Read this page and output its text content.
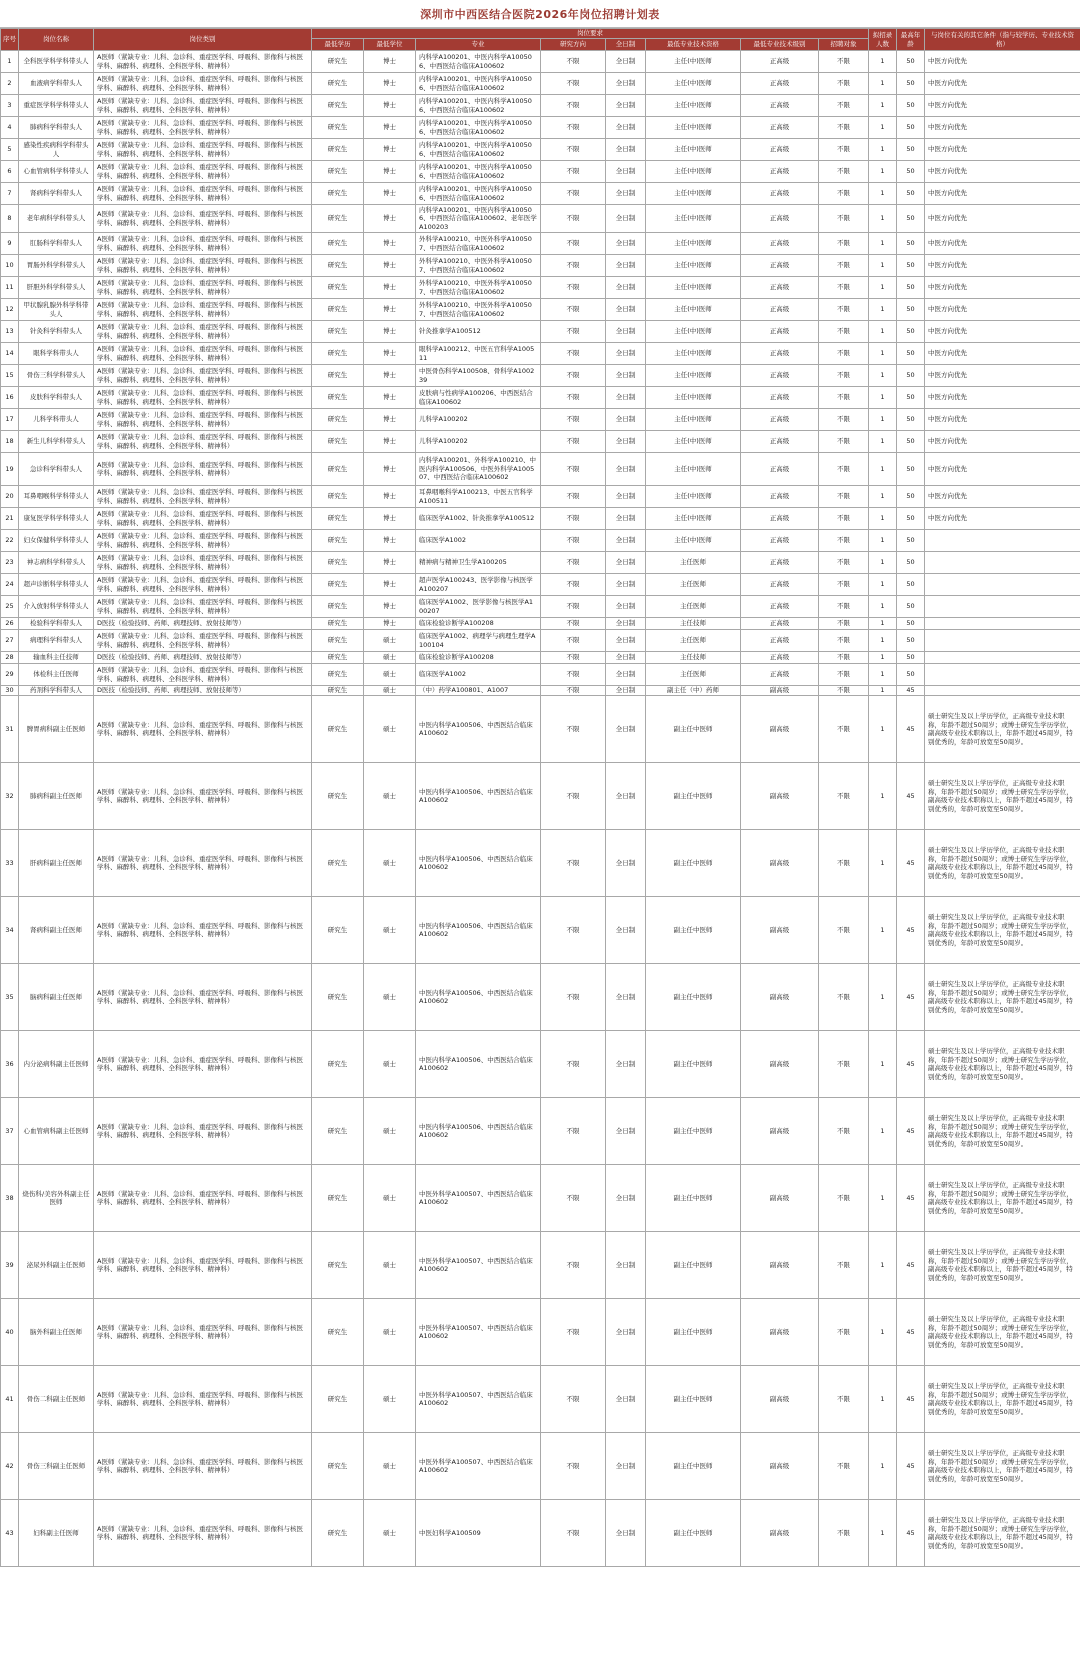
深圳市中西医结合医院2026年岗位招聘计划表
序号	岗位名称	岗位类别	岗位要求								拟招录人数	最高年龄	与岗位有关的其它条件（指与较学历、专业技术资格）
			最低学历	最低学位	专业	研究方向	全日制	最低专业技术资格	最低专业技术级别	招聘对象			
1	全科医学科学科带头人	A医师（紧缺专业：儿科、急诊科、重症医学科、呼吸科、影像科与核医学科、麻醉科、病理科、全科医学科、精神科）	研究生	博士	内科学A100201、中医内科学A100506、中西医结合临床A100602	不限	全日制	主任(中)医师	正高级	不限	1	50	中医方向优先
2	血液病学科带头人	A医师（紧缺专业：儿科、急诊科、重症医学科、呼吸科、影像科与核医学科、麻醉科、病理科、全科医学科、精神科）	研究生	博士	内科学A100201、中医内科学A100506、中西医结合临床A100602	不限	全日制	主任(中)医师	正高级	不限	1	50	中医方向优先
3	重症医学科学科带头人	A医师（紧缺专业：儿科、急诊科、重症医学科、呼吸科、影像科与核医学科、麻醉科、病理科、全科医学科、精神科）	研究生	博士	内科学A100201、中医内科学A100506、中西医结合临床A100602	不限	全日制	主任(中)医师	正高级	不限	1	50	中医方向优先
4	肺病科学科带头人	A医师（紧缺专业：儿科、急诊科、重症医学科、呼吸科、影像科与核医学科、麻醉科、病理科、全科医学科、精神科）	研究生	博士	内科学A100201、中医内科学A100506、中西医结合临床A100602	不限	全日制	主任(中)医师	正高级	不限	1	50	中医方向优先
5	感染性疾病科学科带头人	A医师（紧缺专业：儿科、急诊科、重症医学科、呼吸科、影像科与核医学科、麻醉科、病理科、全科医学科、精神科）	研究生	博士	内科学A100201、中医内科学A100506、中西医结合临床A100602	不限	全日制	主任(中)医师	正高级	不限	1	50	中医方向优先
6	心血管病科学科带头人	A医师（紧缺专业：儿科、急诊科、重症医学科、呼吸科、影像科与核医学科、麻醉科、病理科、全科医学科、精神科）	研究生	博士	内科学A100201、中医内科学A100506、中西医结合临床A100602	不限	全日制	主任(中)医师	正高级	不限	1	50	中医方向优先
7	肾病科学科带头人	A医师（紧缺专业：儿科、急诊科、重症医学科、呼吸科、影像科与核医学科、麻醉科、病理科、全科医学科、精神科）	研究生	博士	内科学A100201、中医内科学A100506、中西医结合临床A100602	不限	全日制	主任(中)医师	正高级	不限	1	50	中医方向优先
8	老年病科学科带头人	A医师（紧缺专业：儿科、急诊科、重症医学科、呼吸科、影像科与核医学科、麻醉科、病理科、全科医学科、精神科）	研究生	博士	内科学A100201、中医内科学A100506、中西医结合临床A100602、老年医学A100203	不限	全日制	主任(中)医师	正高级	不限	1	50	中医方向优先
9	肛肠科学科带头人	A医师（紧缺专业：儿科、急诊科、重症医学科、呼吸科、影像科与核医学科、麻醉科、病理科、全科医学科、精神科）	研究生	博士	外科学A100210、中医外科学A100507、中西医结合临床A100602	不限	全日制	主任(中)医师	正高级	不限	1	50	中医方向优先
10	胃肠外科学科带头人	A医师（紧缺专业：儿科、急诊科、重症医学科、呼吸科、影像科与核医学科、麻醉科、病理科、全科医学科、精神科）	研究生	博士	外科学A100210、中医外科学A100507、中西医结合临床A100602	不限	全日制	主任(中)医师	正高级	不限	1	50	中医方向优先
11	肝胆外科学科带头人	A医师（紧缺专业：儿科、急诊科、重症医学科、呼吸科、影像科与核医学科、麻醉科、病理科、全科医学科、精神科）	研究生	博士	外科学A100210、中医外科学A100507、中西医结合临床A100602	不限	全日制	主任(中)医师	正高级	不限	1	50	中医方向优先
12	甲状腺乳腺外科学科带头人	A医师（紧缺专业：儿科、急诊科、重症医学科、呼吸科、影像科与核医学科、麻醉科、病理科、全科医学科、精神科）	研究生	博士	外科学A100210、中医外科学A100507、中西医结合临床A100602	不限	全日制	主任(中)医师	正高级	不限	1	50	中医方向优先
13	针灸科学科带头人	A医师（紧缺专业：儿科、急诊科、重症医学科、呼吸科、影像科与核医学科、麻醉科、病理科、全科医学科、精神科）	研究生	博士	针灸推拿学A100512	不限	全日制	主任(中)医师	正高级	不限	1	50	中医方向优先
14	眼科学科带头人	A医师（紧缺专业：儿科、急诊科、重症医学科、呼吸科、影像科与核医学科、麻醉科、病理科、全科医学科、精神科）	研究生	博士	眼科学A100212、中医五官科学A100511	不限	全日制	主任(中)医师	正高级	不限	1	50	中医方向优先
15	骨伤三科学科带头人	A医师（紧缺专业：儿科、急诊科、重症医学科、呼吸科、影像科与核医学科、麻醉科、病理科、全科医学科、精神科）	研究生	博士	中医骨伤科学A100508、骨科学A100239	不限	全日制	主任(中)医师	正高级	不限	1	50	中医方向优先
16	皮肤科学科带头人	A医师（紧缺专业：儿科、急诊科、重症医学科、呼吸科、影像科与核医学科、麻醉科、病理科、全科医学科、精神科）	研究生	博士	皮肤病与性病学A100206、中西医结合临床A100602	不限	全日制	主任(中)医师	正高级	不限	1	50	中医方向优先
17	儿科学科带头人	A医师（紧缺专业：儿科、急诊科、重症医学科、呼吸科、影像科与核医学科、麻醉科、病理科、全科医学科、精神科）	研究生	博士	儿科学A100202	不限	全日制	主任(中)医师	正高级	不限	1	50	中医方向优先
18	新生儿科学科带头人	A医师（紧缺专业：儿科、急诊科、重症医学科、呼吸科、影像科与核医学科、麻醉科、病理科、全科医学科、精神科）	研究生	博士	儿科学A100202	不限	全日制	主任(中)医师	正高级	不限	1	50	中医方向优先
19	急诊科学科带头人	A医师（紧缺专业：儿科、急诊科、重症医学科、呼吸科、影像科与核医学科、麻醉科、病理科、全科医学科、精神科）	研究生	博士	内科学A100201、外科学A100210、中医内科学A100506、中医外科学A100507、中西医结合临床A100602	不限	全日制	主任(中)医师	正高级	不限	1	50	中医方向优先
20	耳鼻咽喉科学科带头人	A医师（紧缺专业：儿科、急诊科、重症医学科、呼吸科、影像科与核医学科、麻醉科、病理科、全科医学科、精神科）	研究生	博士	耳鼻咽喉科学A100213、中医五官科学A100511	不限	全日制	主任(中)医师	正高级	不限	1	50	中医方向优先
21	康复医学科学科带头人	A医师（紧缺专业：儿科、急诊科、重症医学科、呼吸科、影像科与核医学科、麻醉科、病理科、全科医学科、精神科）	研究生	博士	临床医学A1002、针灸推拿学A100512	不限	全日制	主任(中)医师	正高级	不限	1	50	中医方向优先
22	妇女保健科学科带头人	A医师（紧缺专业：儿科、急诊科、重症医学科、呼吸科、影像科与核医学科、麻醉科、病理科、全科医学科、精神科）	研究生	博士	临床医学A1002	不限	全日制	主任(中)医师	正高级	不限	1	50	
23	神志病科学科带头人	A医师（紧缺专业：儿科、急诊科、重症医学科、呼吸科、影像科与核医学科、麻醉科、病理科、全科医学科、精神科）	研究生	博士	精神病与精神卫生学A100205	不限	全日制	主任医师	正高级	不限	1	50	
24	超声诊断科学科带头人	A医师（紧缺专业：儿科、急诊科、重症医学科、呼吸科、影像科与核医学科、麻醉科、病理科、全科医学科、精神科）	研究生	博士	超声医学A100243、医学影像与核医学A100207	不限	全日制	主任医师	正高级	不限	1	50	
25	介入放射科学科带头人	A医师（紧缺专业：儿科、急诊科、重症医学科、呼吸科、影像科与核医学科、麻醉科、病理科、全科医学科、精神科）	研究生	博士	临床医学A1002、医学影像与核医学A100207	不限	全日制	主任医师	正高级	不限	1	50	
26	检验科学科带头人	D医技（检验技师、药师、病理技师、放射技师等）	研究生	博士	临床检验诊断学A100208	不限	全日制	主任技师	正高级	不限	1	50	
27	病理科学科带头人	A医师（紧缺专业：儿科、急诊科、重症医学科、呼吸科、影像科与核医学科、麻醉科、病理科、全科医学科、精神科）	研究生	硕士	临床医学A1002、病理学与病理生理学A100104	不限	全日制	主任医师	正高级	不限	1	50	
28	输血科主任技师	D医技（检验技师、药师、病理技师、放射技师等）	研究生	硕士	临床检验诊断学A100208	不限	全日制	主任技师	正高级	不限	1	50	
29	体检科主任医师	A医师（紧缺专业：儿科、急诊科、重症医学科、呼吸科、影像科与核医学科、麻醉科、病理科、全科医学科、精神科）	研究生	硕士	临床医学A1002	不限	全日制	主任医师	正高级	不限	1	50	
30	药剂科学科带头人	D医技（检验技师、药师、病理技师、放射技师等）	研究生	硕士	（中）药学A100801、A1007	不限	全日制	副主任（中）药师	副高级	不限	1	45	
31	脾胃病科副主任医师	A医师（紧缺专业：儿科、急诊科、重症医学科、呼吸科、影像科与核医学科、麻醉科、病理科、全科医学科、精神科）	研究生	硕士	中医内科学A100506、中西医结合临床A100602	不限	全日制	副主任中医师	副高级	不限	1	45	硕士研究生及以上学历学位，正高级专业技术职称，年龄不超过50周岁；或博士研究生学历学位，副高级专业技术职称以上，年龄不超过45周岁，特别优秀的，年龄可放宽至50周岁。
32	肺病科副主任医师	A医师（紧缺专业：儿科、急诊科、重症医学科、呼吸科、影像科与核医学科、麻醉科、病理科、全科医学科、精神科）	研究生	硕士	中医内科学A100506、中西医结合临床A100602	不限	全日制	副主任中医师	副高级	不限	1	45	硕士研究生及以上学历学位，正高级专业技术职称，年龄不超过50周岁；或博士研究生学历学位，副高级专业技术职称以上，年龄不超过45周岁，特别优秀的，年龄可放宽至50周岁。
33	肝病科副主任医师	A医师（紧缺专业：儿科、急诊科、重症医学科、呼吸科、影像科与核医学科、麻醉科、病理科、全科医学科、精神科）	研究生	硕士	中医内科学A100506、中西医结合临床A100602	不限	全日制	副主任中医师	副高级	不限	1	45	硕士研究生及以上学历学位，正高级专业技术职称，年龄不超过50周岁；或博士研究生学历学位，副高级专业技术职称以上，年龄不超过45周岁，特别优秀的，年龄可放宽至50周岁。
34	肾病科副主任医师	A医师（紧缺专业：儿科、急诊科、重症医学科、呼吸科、影像科与核医学科、麻醉科、病理科、全科医学科、精神科）	研究生	硕士	中医内科学A100506、中西医结合临床A100602	不限	全日制	副主任中医师	副高级	不限	1	45	硕士研究生及以上学历学位，正高级专业技术职称，年龄不超过50周岁；或博士研究生学历学位，副高级专业技术职称以上，年龄不超过45周岁，特别优秀的，年龄可放宽至50周岁。
35	脑病科副主任医师	A医师（紧缺专业：儿科、急诊科、重症医学科、呼吸科、影像科与核医学科、麻醉科、病理科、全科医学科、精神科）	研究生	硕士	中医内科学A100506、中西医结合临床A100602	不限	全日制	副主任中医师	副高级	不限	1	45	硕士研究生及以上学历学位，正高级专业技术职称，年龄不超过50周岁；或博士研究生学历学位，副高级专业技术职称以上，年龄不超过45周岁，特别优秀的，年龄可放宽至50周岁。
36	内分泌病科副主任医师	A医师（紧缺专业：儿科、急诊科、重症医学科、呼吸科、影像科与核医学科、麻醉科、病理科、全科医学科、精神科）	研究生	硕士	中医内科学A100506、中西医结合临床A100602	不限	全日制	副主任中医师	副高级	不限	1	45	硕士研究生及以上学历学位，正高级专业技术职称，年龄不超过50周岁；或博士研究生学历学位，副高级专业技术职称以上，年龄不超过45周岁，特别优秀的，年龄可放宽至50周岁。
37	心血管病科副主任医师	A医师（紧缺专业：儿科、急诊科、重症医学科、呼吸科、影像科与核医学科、麻醉科、病理科、全科医学科、精神科）	研究生	硕士	中医内科学A100506、中西医结合临床A100602	不限	全日制	副主任中医师	副高级	不限	1	45	硕士研究生及以上学历学位，正高级专业技术职称，年龄不超过50周岁；或博士研究生学历学位，副高级专业技术职称以上，年龄不超过45周岁，特别优秀的，年龄可放宽至50周岁。
38	烧伤科/美容外科副主任医师	A医师（紧缺专业：儿科、急诊科、重症医学科、呼吸科、影像科与核医学科、麻醉科、病理科、全科医学科、精神科）	研究生	硕士	中医外科学A100507、中西医结合临床A100602	不限	全日制	副主任中医师	副高级	不限	1	45	硕士研究生及以上学历学位，正高级专业技术职称，年龄不超过50周岁；或博士研究生学历学位，副高级专业技术职称以上，年龄不超过45周岁，特别优秀的，年龄可放宽至50周岁。
39	泌尿外科副主任医师	A医师（紧缺专业：儿科、急诊科、重症医学科、呼吸科、影像科与核医学科、麻醉科、病理科、全科医学科、精神科）	研究生	硕士	中医外科学A100507、中西医结合临床A100602	不限	全日制	副主任中医师	副高级	不限	1	45	硕士研究生及以上学历学位，正高级专业技术职称，年龄不超过50周岁；或博士研究生学历学位，副高级专业技术职称以上，年龄不超过45周岁，特别优秀的，年龄可放宽至50周岁。
40	脑外科副主任医师	A医师（紧缺专业：儿科、急诊科、重症医学科、呼吸科、影像科与核医学科、麻醉科、病理科、全科医学科、精神科）	研究生	硕士	中医外科学A100507、中西医结合临床A100602	不限	全日制	副主任中医师	副高级	不限	1	45	硕士研究生及以上学历学位，正高级专业技术职称，年龄不超过50周岁；或博士研究生学历学位，副高级专业技术职称以上，年龄不超过45周岁，特别优秀的，年龄可放宽至50周岁。
41	骨伤二科副主任医师	A医师（紧缺专业：儿科、急诊科、重症医学科、呼吸科、影像科与核医学科、麻醉科、病理科、全科医学科、精神科）	研究生	硕士	中医外科学A100507、中西医结合临床A100602	不限	全日制	副主任中医师	副高级	不限	1	45	硕士研究生及以上学历学位，正高级专业技术职称，年龄不超过50周岁；或博士研究生学历学位，副高级专业技术职称以上，年龄不超过45周岁，特别优秀的，年龄可放宽至50周岁。
42	骨伤三科副主任医师	A医师（紧缺专业：儿科、急诊科、重症医学科、呼吸科、影像科与核医学科、麻醉科、病理科、全科医学科、精神科）	研究生	硕士	中医外科学A100507、中西医结合临床A100602	不限	全日制	副主任中医师	副高级	不限	1	45	硕士研究生及以上学历学位，正高级专业技术职称，年龄不超过50周岁；或博士研究生学历学位，副高级专业技术职称以上，年龄不超过45周岁，特别优秀的，年龄可放宽至50周岁。
43	妇科副主任医师	A医师（紧缺专业：儿科、急诊科、重症医学科、呼吸科、影像科与核医学科、麻醉科、病理科、全科医学科、精神科）	研究生	硕士	中医妇科学A100509	不限	全日制	副主任中医师	副高级	不限	1	45	硕士研究生及以上学历学位，正高级专业技术职称，年龄不超过50周岁；或博士研究生学历学位，副高级专业技术职称以上，年龄不超过45周岁，特别优秀的，年龄可放宽至50周岁。
